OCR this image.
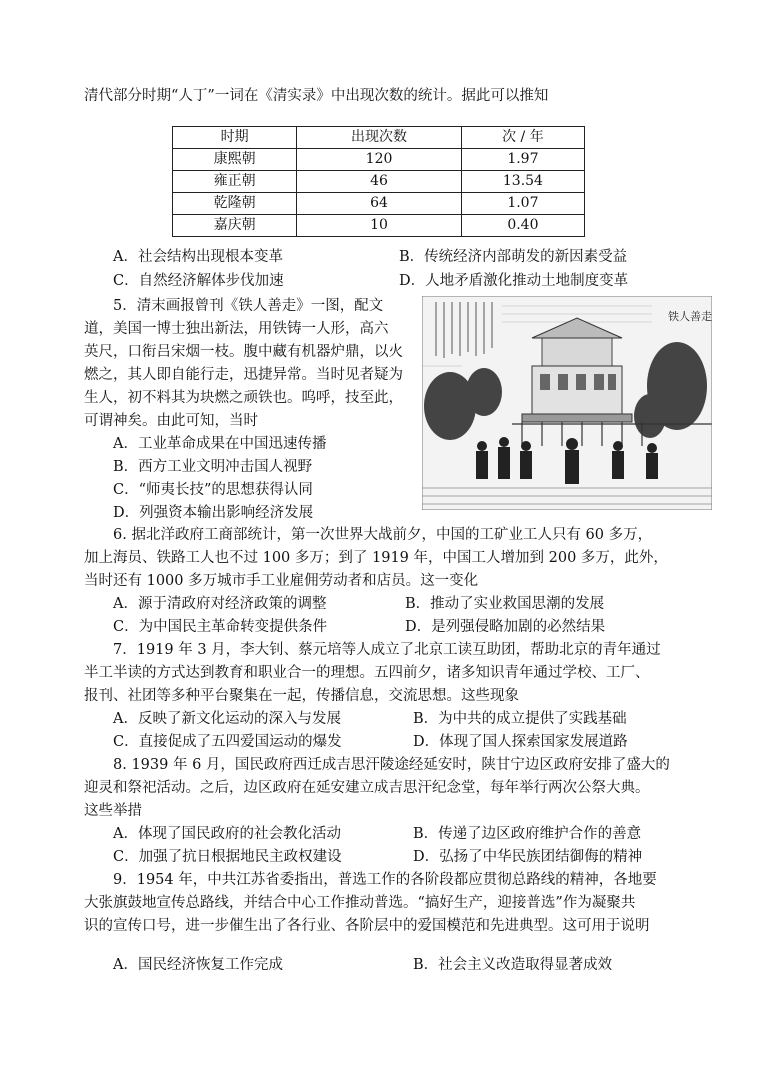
清代部分时期“人丁”一词在《清实录》中出现次数的统计。据此可以推知
时期	出现次数	次 / 年
康熙朝	120	1.97
雍正朝	46	13.54
乾隆朝	64	1.07
嘉庆朝	10	0.40
A．社会结构出现根本变革	B．传统经济内部萌发的新因素受益
C．自然经济解体步伐加速	D．人地矛盾激化推动土地制度变革
5．清末画报曾刊《铁人善走》一图，配文
道，美国一博士独出新法，用铁铸一人形，高六
英尺，口衔吕宋烟一枝。腹中藏有机器炉鼎，以火
燃之，其人即自能行走，迅捷异常。当时见者疑为
生人，初不料其为块燃之顽铁也。呜呼，技至此，
可谓神矣。由此可知，当时
A．工业革命成果在中国迅速传播
B．西方工业文明冲击国人视野
C．“师夷长技”的思想获得认同
D．列强资本输出影响经济发展
铁人善走
6. 据北洋政府工商部统计，第一次世界大战前夕，中国的工矿业工人只有 60 多万，
加上海员、铁路工人也不过 100 多万；到了 1919 年，中国工人增加到 200 多万，此外，
当时还有 1000 多万城市手工业雇佣劳动者和店员。这一变化
A．源于清政府对经济政策的调整	B．推动了实业救国思潮的发展
C．为中国民主革命转变提供条件	D．是列强侵略加剧的必然结果
7．1919 年 3 月，李大钊、蔡元培等人成立了北京工读互助团，帮助北京的青年通过
半工半读的方式达到教育和职业合一的理想。五四前夕，诸多知识青年通过学校、工厂、
报刊、社团等多种平台聚集在一起，传播信息，交流思想。这些现象
A．反映了新文化运动的深入与发展	B．为中共的成立提供了实践基础
C．直接促成了五四爱国运动的爆发	D．体现了国人探索国家发展道路
8. 1939 年 6 月，国民政府西迁成吉思汗陵途经延安时，陕甘宁边区政府安排了盛大的
迎灵和祭祀活动。之后，边区政府在延安建立成吉思汗纪念堂，每年举行两次公祭大典。
这些举措
A．体现了国民政府的社会教化活动	B．传递了边区政府维护合作的善意
C．加强了抗日根据地民主政权建设	D．弘扬了中华民族团结御侮的精神
9．1954 年，中共江苏省委指出，普选工作的各阶段都应贯彻总路线的精神，各地要
大张旗鼓地宣传总路线，并结合中心工作推动普选。“搞好生产，迎接普选”作为凝聚共
识的宣传口号，进一步催生出了各行业、各阶层中的爱国模范和先进典型。这可用于说明
A．国民经济恢复工作完成	B．社会主义改造取得显著成效
